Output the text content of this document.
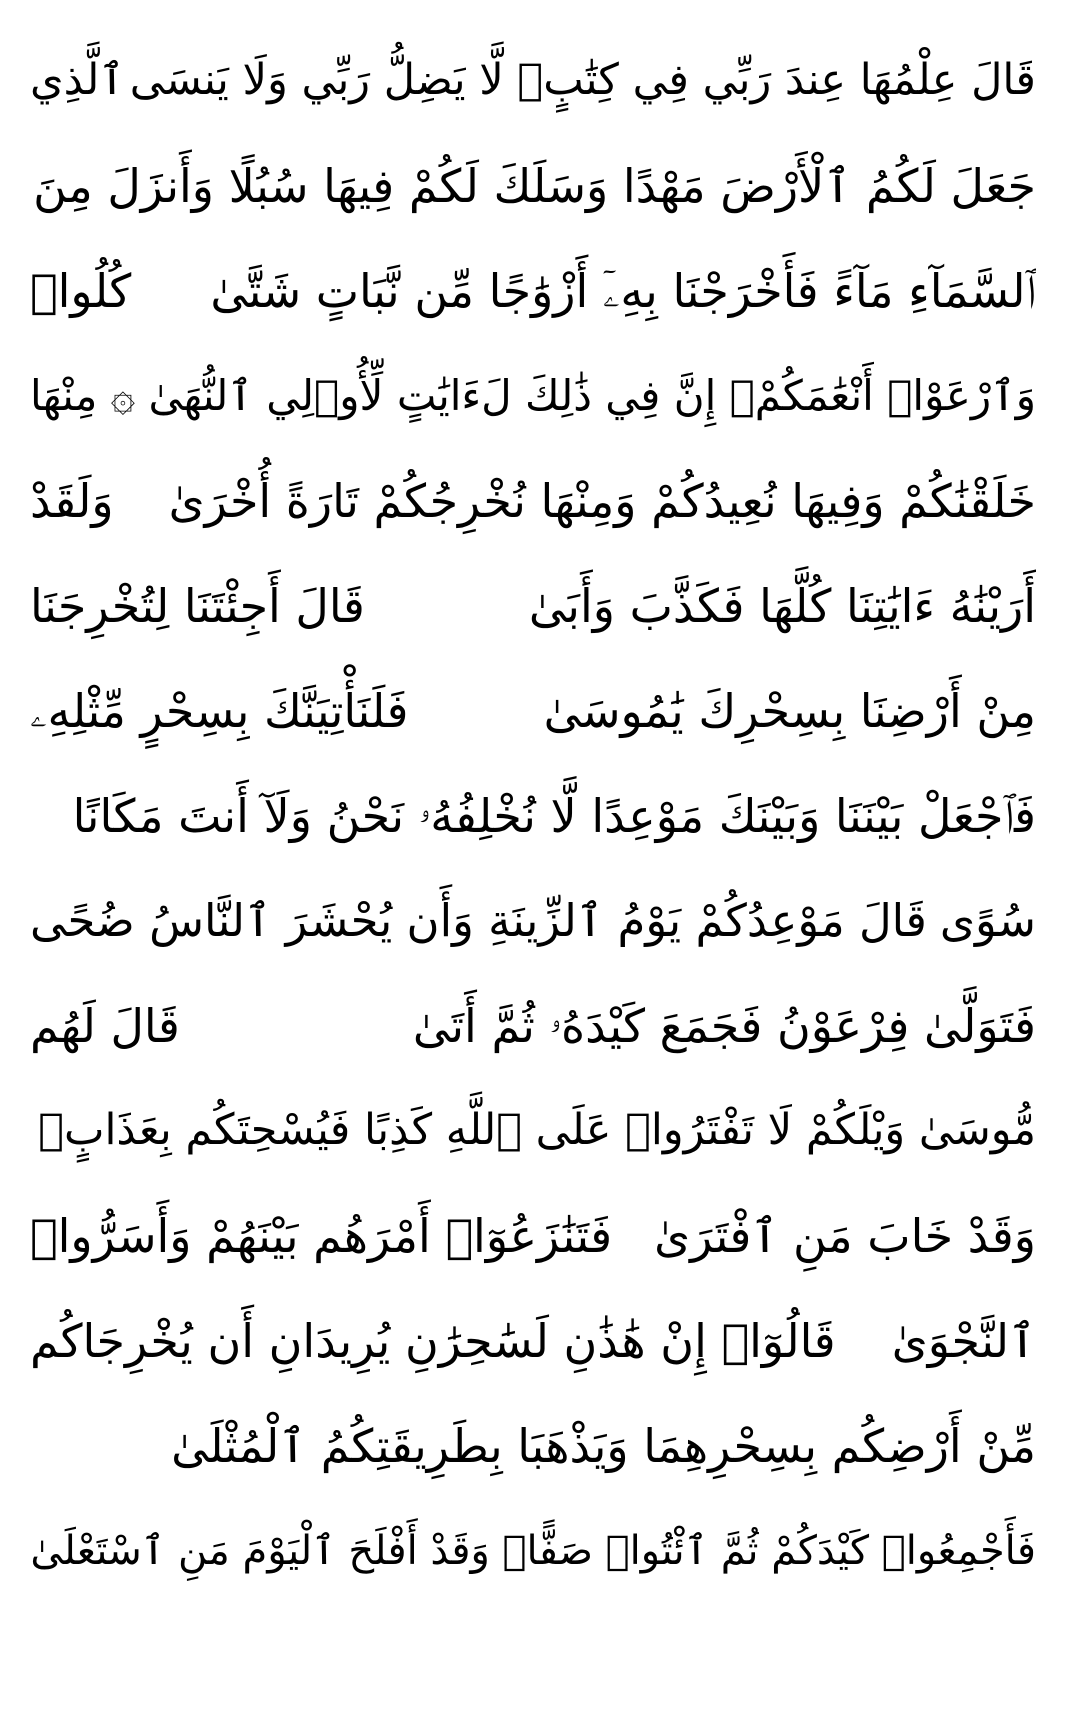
قَالَ عِلْمُهَا عِندَ رَبِّي فِي كِتَٰبٍۖ لَّا يَضِلُّ رَبِّي وَلَا يَنسَى
ٱلَّذِي
جَعَلَ لَكُمُ ٱلْأَرْضَ مَهْدًا وَسَلَكَ لَكُمْ فِيهَا سُبُلًا وَأَنزَلَ مِنَ
ٱلسَّمَآءِ مَآءً فَأَخْرَجْنَا بِهِۦٓ أَزْوَٰجًا مِّن نَّبَاتٍ شَتَّىٰ
كُلُوا۟
وَٱرْعَوْا۟ أَنْعَٰمَكُمْۗ إِنَّ فِي ذَٰلِكَ لَءَايَٰتٍ لِّأُو۟لِي ٱلنُّهَىٰ
۞ مِنْهَا
خَلَقْنَٰكُمْ وَفِيهَا نُعِيدُكُمْ وَمِنْهَا نُخْرِجُكُمْ تَارَةً أُخْرَىٰ
وَلَقَدْ
أَرَيْنَٰهُ ءَايَٰتِنَا كُلَّهَا فَكَذَّبَ وَأَبَىٰ
قَالَ أَجِئْتَنَا لِتُخْرِجَنَا
مِنْ أَرْضِنَا بِسِحْرِكَ يَٰمُوسَىٰ
فَلَنَأْتِيَنَّكَ بِسِحْرٍ مِّثْلِهِۦ
فَٱجْعَلْ بَيْنَنَا وَبَيْنَكَ مَوْعِدًا لَّا نُخْلِفُهُۥ نَحْنُ وَلَآ أَنتَ مَكَانًا
سُوًى
قَالَ مَوْعِدُكُمْ يَوْمُ ٱلزِّينَةِ وَأَن يُحْشَرَ ٱلنَّاسُ ضُحًى
فَتَوَلَّىٰ فِرْعَوْنُ فَجَمَعَ كَيْدَهُۥ ثُمَّ أَتَىٰ
قَالَ لَهُم
مُّوسَىٰ وَيْلَكُمْ لَا تَفْتَرُوا۟ عَلَى ٱللَّهِ كَذِبًا فَيُسْحِتَكُم بِعَذَابٍۖ
وَقَدْ خَابَ مَنِ ٱفْتَرَىٰ
فَتَنَٰزَعُوٓا۟ أَمْرَهُم بَيْنَهُمْ وَأَسَرُّوا۟
ٱلنَّجْوَىٰ
قَالُوٓا۟ إِنْ هَٰذَٰنِ لَسَٰحِرَٰنِ يُرِيدَانِ أَن يُخْرِجَاكُم
مِّنْ أَرْضِكُم بِسِحْرِهِمَا وَيَذْهَبَا بِطَرِيقَتِكُمُ ٱلْمُثْلَىٰ
فَأَجْمِعُوا۟ كَيْدَكُمْ ثُمَّ ٱئْتُوا۟ صَفًّاۚ وَقَدْ أَفْلَحَ ٱلْيَوْمَ مَنِ ٱسْتَعْلَىٰ
